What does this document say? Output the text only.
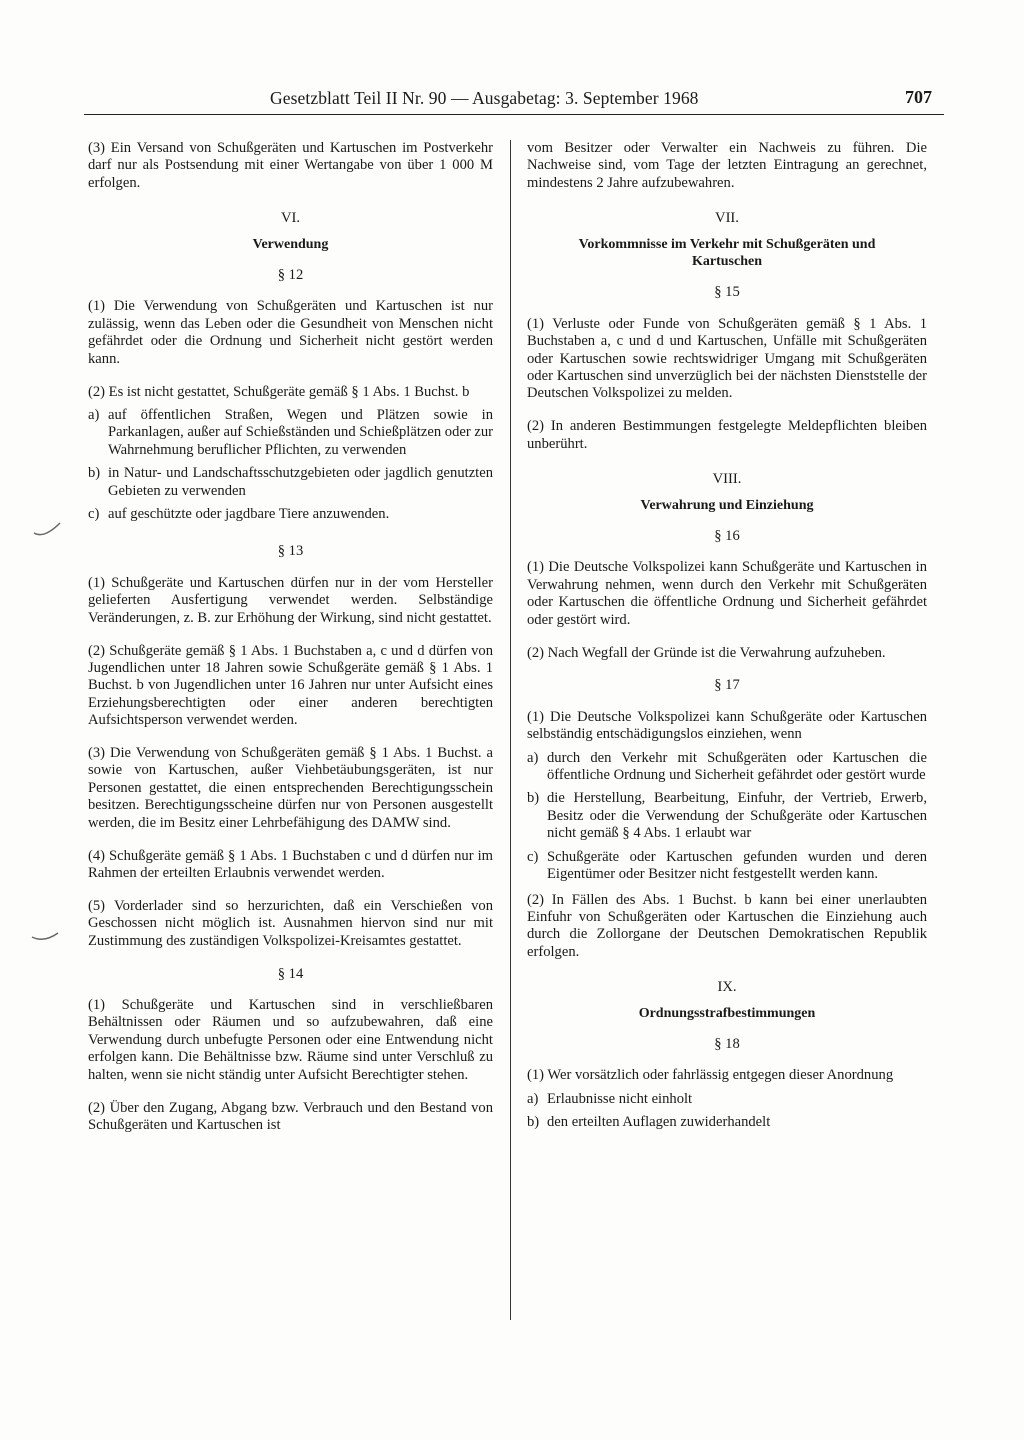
Gesetzblatt Teil II Nr. 90 — Ausgabetag: 3. September 1968	707

(3) Ein Versand von Schußgeräten und Kartuschen im Postverkehr darf nur als Postsendung mit einer Wertangabe von über 1 000 M erfolgen.

VI.
Verwendung
§ 12

(1) Die Verwendung von Schußgeräten und Kartuschen ist nur zulässig, wenn das Leben oder die Gesundheit von Menschen nicht gefährdet oder die Ordnung und Sicherheit nicht gestört werden kann.

(2) Es ist nicht gestattet, Schußgeräte gemäß § 1 Abs. 1 Buchst. b

a) auf öffentlichen Straßen, Wegen und Plätzen sowie in Parkanlagen, außer auf Schießständen und Schießplätzen oder zur Wahrnehmung beruflicher Pflichten, zu verwenden
b) in Natur- und Landschaftsschutzgebieten oder jagdlich genutzten Gebieten zu verwenden
c) auf geschützte oder jagdbare Tiere anzuwenden.
§ 13

(1) Schußgeräte und Kartuschen dürfen nur in der vom Hersteller gelieferten Ausfertigung verwendet werden. Selbständige Veränderungen, z. B. zur Erhöhung der Wirkung, sind nicht gestattet.

(2) Schußgeräte gemäß § 1 Abs. 1 Buchstaben a, c und d dürfen von Jugendlichen unter 18 Jahren sowie Schußgeräte gemäß § 1 Abs. 1 Buchst. b von Jugendlichen unter 16 Jahren nur unter Aufsicht eines Erziehungsberechtigten oder einer anderen berechtigten Aufsichtsperson verwendet werden.

(3) Die Verwendung von Schußgeräten gemäß § 1 Abs. 1 Buchst. a sowie von Kartuschen, außer Viehbetäubungsgeräten, ist nur Personen gestattet, die einen entsprechenden Berechtigungsschein besitzen. Berechtigungsscheine dürfen nur von Personen ausgestellt werden, die im Besitz einer Lehrbefähigung des DAMW sind.

(4) Schußgeräte gemäß § 1 Abs. 1 Buchstaben c und d dürfen nur im Rahmen der erteilten Erlaubnis verwendet werden.

(5) Vorderlader sind so herzurichten, daß ein Verschießen von Geschossen nicht möglich ist. Ausnahmen hiervon sind nur mit Zustimmung des zuständigen Volkspolizei-Kreisamtes gestattet.

§ 14

(1) Schußgeräte und Kartuschen sind in verschließbaren Behältnissen oder Räumen und so aufzubewahren, daß eine Verwendung durch unbefugte Personen oder eine Entwendung nicht erfolgen kann. Die Behältnisse bzw. Räume sind unter Verschluß zu halten, wenn sie nicht ständig unter Aufsicht Berechtigter stehen.

(2) Über den Zugang, Abgang bzw. Verbrauch und den Bestand von Schußgeräten und Kartuschen ist

vom Besitzer oder Verwalter ein Nachweis zu führen. Die Nachweise sind, vom Tage der letzten Eintragung an gerechnet, mindestens 2 Jahre aufzubewahren.

VII.
Vorkommnisse im Verkehr mit Schußgeräten und Kartuschen
§ 15

(1) Verluste oder Funde von Schußgeräten gemäß § 1 Abs. 1 Buchstaben a, c und d und Kartuschen, Unfälle mit Schußgeräten oder Kartuschen sowie rechtswidriger Umgang mit Schußgeräten oder Kartuschen sind unverzüglich bei der nächsten Dienststelle der Deutschen Volkspolizei zu melden.

(2) In anderen Bestimmungen festgelegte Meldepflichten bleiben unberührt.

VIII.
Verwahrung und Einziehung
§ 16

(1) Die Deutsche Volkspolizei kann Schußgeräte und Kartuschen in Verwahrung nehmen, wenn durch den Verkehr mit Schußgeräten oder Kartuschen die öffentliche Ordnung und Sicherheit gefährdet oder gestört wird.

(2) Nach Wegfall der Gründe ist die Verwahrung aufzuheben.

§ 17

(1) Die Deutsche Volkspolizei kann Schußgeräte oder Kartuschen selbständig entschädigungslos einziehen, wenn

a) durch den Verkehr mit Schußgeräten oder Kartuschen die öffentliche Ordnung und Sicherheit gefährdet oder gestört wurde
b) die Herstellung, Bearbeitung, Einfuhr, der Vertrieb, Erwerb, Besitz oder die Verwendung der Schußgeräte oder Kartuschen nicht gemäß § 4 Abs. 1 erlaubt war
c) Schußgeräte oder Kartuschen gefunden wurden und deren Eigentümer oder Besitzer nicht festgestellt werden kann.

(2) In Fällen des Abs. 1 Buchst. b kann bei einer unerlaubten Einfuhr von Schußgeräten oder Kartuschen die Einziehung auch durch die Zollorgane der Deutschen Demokratischen Republik erfolgen.

IX.
Ordnungsstrafbestimmungen
§ 18

(1) Wer vorsätzlich oder fahrlässig entgegen dieser Anordnung

a) Erlaubnisse nicht einholt
b) den erteilten Auflagen zuwiderhandelt
